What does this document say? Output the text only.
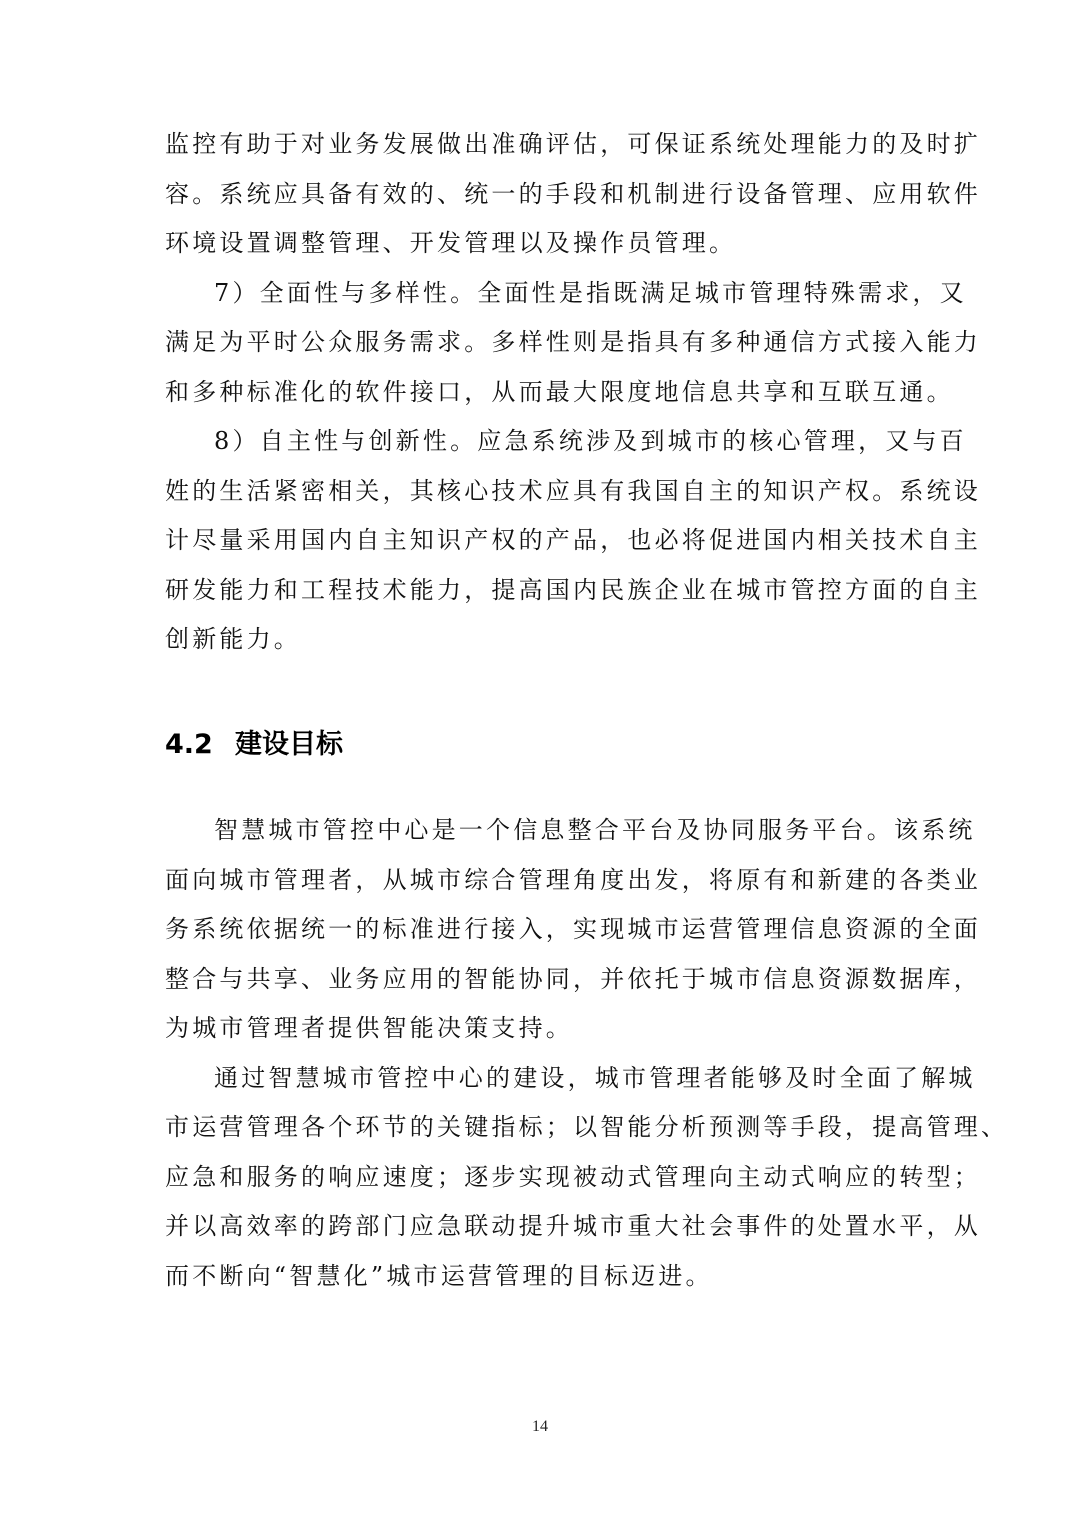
监控有助于对业务发展做出准确评估，可保证系统处理能力的及时扩
容。系统应具备有效的、统一的手段和机制进行设备管理、应用软件
环境设置调整管理、开发管理以及操作员管理。
7）全面性与多样性。全面性是指既满足城市管理特殊需求，又
满足为平时公众服务需求。多样性则是指具有多种通信方式接入能力
和多种标准化的软件接口，从而最大限度地信息共享和互联互通。
8）自主性与创新性。应急系统涉及到城市的核心管理，又与百
姓的生活紧密相关，其核心技术应具有我国自主的知识产权。系统设
计尽量采用国内自主知识产权的产品，也必将促进国内相关技术自主
研发能力和工程技术能力，提高国内民族企业在城市管控方面的自主
创新能力。
4.2 建设目标
智慧城市管控中心是一个信息整合平台及协同服务平台。该系统
面向城市管理者，从城市综合管理角度出发，将原有和新建的各类业
务系统依据统一的标准进行接入，实现城市运营管理信息资源的全面
整合与共享、业务应用的智能协同，并依托于城市信息资源数据库，
为城市管理者提供智能决策支持。
通过智慧城市管控中心的建设，城市管理者能够及时全面了解城
市运营管理各个环节的关键指标；以智能分析预测等手段，提高管理、
应急和服务的响应速度；逐步实现被动式管理向主动式响应的转型；
并以高效率的跨部门应急联动提升城市重大社会事件的处置水平，从
而不断向“智慧化”城市运营管理的目标迈进。
14
